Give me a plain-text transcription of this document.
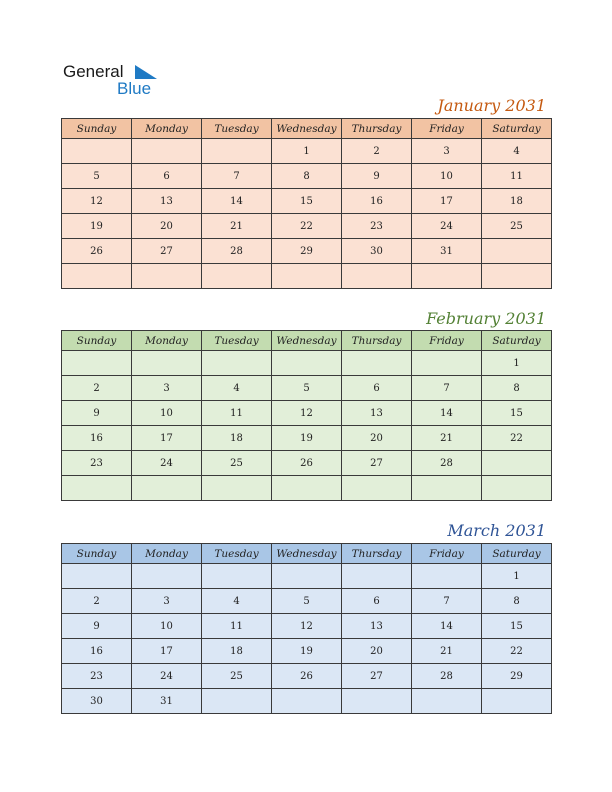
General
Blue
January 2031
Sunday	Monday	Tuesday	Wednesday	Thursday	Friday	Saturday
			1	2	3	4
5	6	7	8	9	10	11
12	13	14	15	16	17	18
19	20	21	22	23	24	25
26	27	28	29	30	31	

February 2031
Sunday	Monday	Tuesday	Wednesday	Thursday	Friday	Saturday
						1
2	3	4	5	6	7	8
9	10	11	12	13	14	15
16	17	18	19	20	21	22
23	24	25	26	27	28	

March 2031
Sunday	Monday	Tuesday	Wednesday	Thursday	Friday	Saturday
						1
2	3	4	5	6	7	8
9	10	11	12	13	14	15
16	17	18	19	20	21	22
23	24	25	26	27	28	29
30	31					
